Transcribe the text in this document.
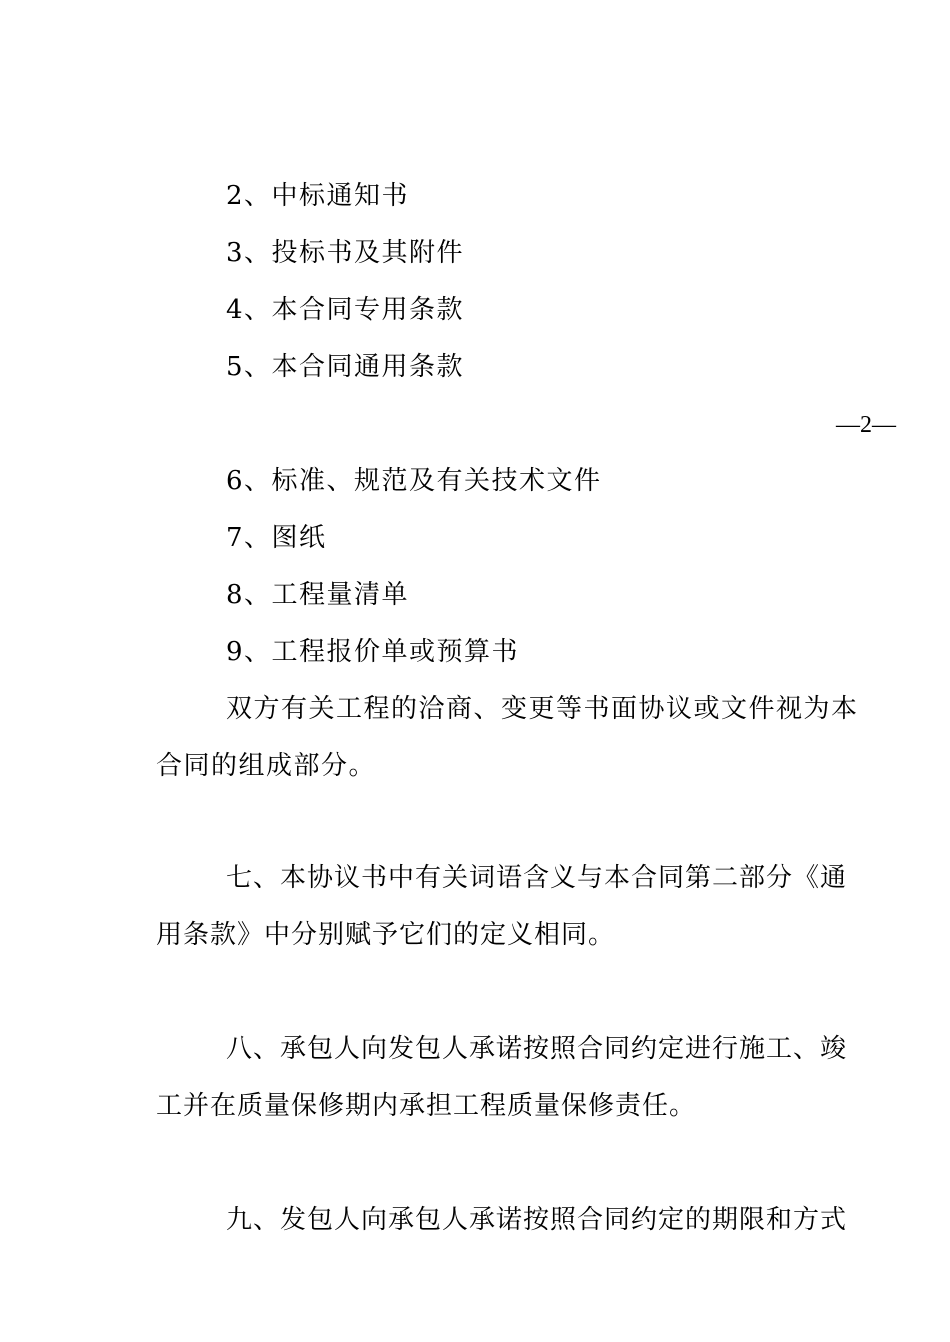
2、中标通知书
3、投标书及其附件
4、本合同专用条款
5、本合同通用条款
—2—
6、标准、规范及有关技术文件
7、图纸
8、工程量清单
9、工程报价单或预算书
双方有关工程的洽商、变更等书面协议或文件视为本
合同的组成部分。
七、本协议书中有关词语含义与本合同第二部分《通
用条款》中分别赋予它们的定义相同。
八、承包人向发包人承诺按照合同约定进行施工、竣
工并在质量保修期内承担工程质量保修责任。
九、发包人向承包人承诺按照合同约定的期限和方式
